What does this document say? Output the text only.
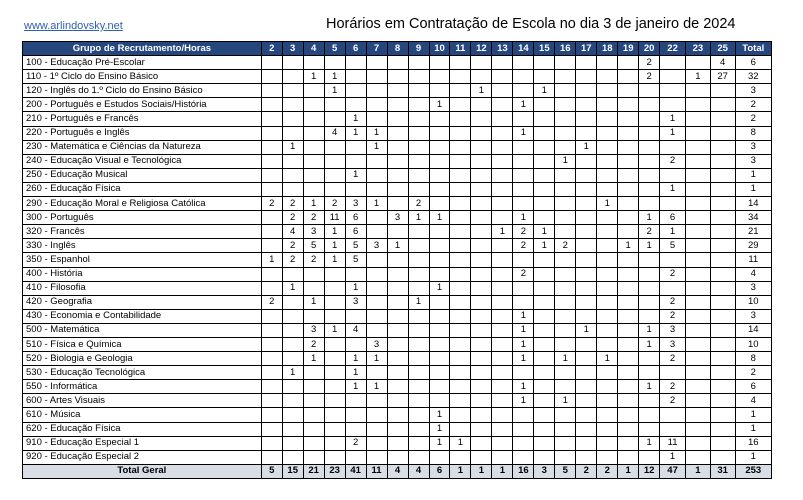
www.arlindovsky.net	Horários em Contratação de Escola no dia 3 de janeiro de 2024
Grupo de Recrutamento/Horas	2	3	4	5	6	7	8	9	10	11	12	13	14	15	16	17	18	19	20	22	23	25	Total
100 - Educação Pré-Escolar																			2			4	6
110 - 1º Ciclo do Ensino Básico			1	1															2		1	27	32
120 - Inglês do 1.º Ciclo do Ensino Básico				1							1			1									3
200 - Português e Estudos Sociais/História									1				1										2
210 - Português e Francês					1															1			2
220 - Português e Inglês				4	1	1							1							1			8
230 - Matemática e Ciências da Natureza		1				1										1							3
240 - Educação Visual e Tecnológica															1					2			3
250 - Educação Musical					1																		1
260 - Educação Física																				1			1
290 - Educação Moral e Religiosa Católica	2	2	1	2	3	1		2									1						14
300 - Português		2	2	11	6		3	1	1				1						1	6			34
320 - Francês		4	3	1	6							1	2	1					2	1			21
330 - Inglês		2	5	1	5	3	1						2	1	2			1	1	5			29
350 - Espanhol	1	2	2	1	5																		11
400 - História													2							2			4
410 - Filosofia		1			1				1														3
420 - Geografia	2		1		3			1												2			10
430 - Economia e Contabilidade													1							2			3
500 - Matemática			3	1	4								1			1			1	3			14
510 - Física e Química			2			3							1						1	3			10
520 - Biologia e Geologia			1		1	1							1		1		1			2			8
530 - Educação Tecnológica		1			1																		2
550 - Informática					1	1							1						1	2			6
600 - Artes Visuais													1		1					2			4
610 - Música									1														1
620 - Educação Física									1														1
910 - Educação Especial 1					2				1	1									1	11			16
920 - Educação Especial 2																				1			1
Total Geral	5	15	21	23	41	11	4	4	6	1	1	1	16	3	5	2	2	1	12	47	1	31	253
